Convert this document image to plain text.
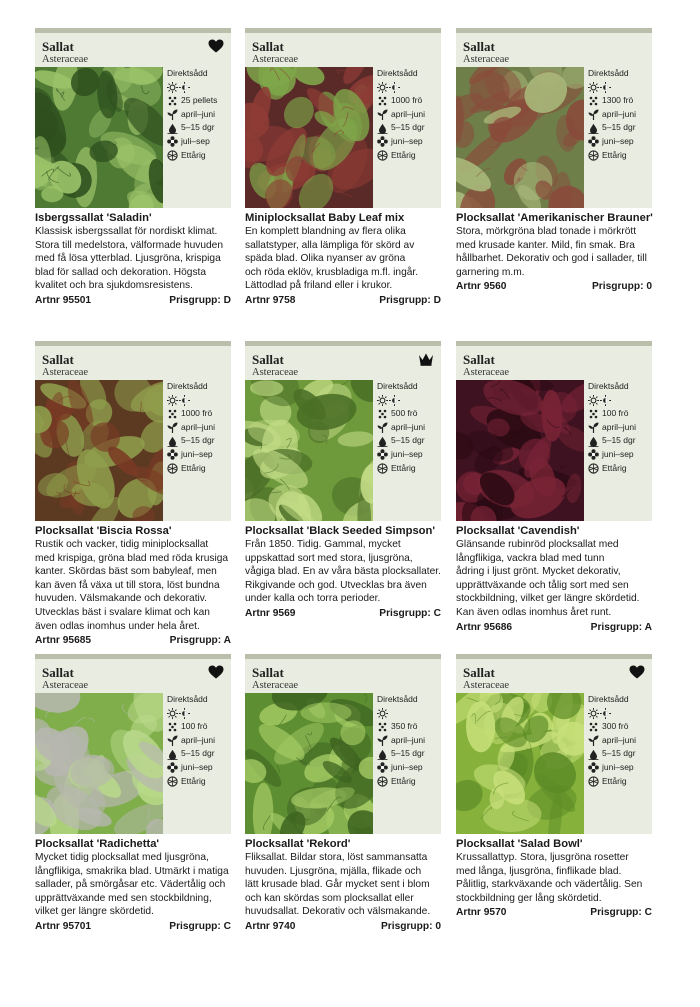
Sallat
Asteraceae
Direktsådd
25 pellets
april–juni
5–15 dgr
juli–sep
Ettårig
Isbergssallat 'Saladin'
Klassisk isbergssallat för nordiskt klimat.
Stora till medelstora, välformade huvuden
med få lösa ytterblad. Ljusgröna, krispiga
blad för sallad och dekoration. Högsta
kvalitet och bra sjukdomsresistens.
Artnr 95501	Prisgrupp: D
Sallat
Asteraceae
Direktsådd
1000 frö
april–juni
5–15 dgr
juni–sep
Ettårig
Miniplocksallat Baby Leaf mix
En komplett blandning av flera olika
sallatstyper, alla lämpliga för skörd av
späda blad. Olika nyanser av gröna
och röda eklöv, krusbladiga m.fl. ingår.
Lättodlad på friland eller i krukor.
Artnr 9758	Prisgrupp: D
Sallat
Asteraceae
Direktsådd
1300 frö
april–juni
5–15 dgr
juni–sep
Ettårig
Plocksallat 'Amerikanischer Brauner'
Stora, mörkgröna blad tonade i mörkrött
med krusade kanter. Mild, fin smak. Bra
hållbarhet. Dekorativ och god i sallader, till
garnering m.m.
Artnr 9560	Prisgrupp: 0
Sallat
Asteraceae
Direktsådd
1000 frö
april–juni
5–15 dgr
juni–sep
Ettårig
Plocksallat 'Biscia Rossa'
Rustik och vacker, tidig miniplocksallat
med krispiga, gröna blad med röda krusiga
kanter. Skördas bäst som babyleaf, men
kan även få växa ut till stora, löst bundna
huvuden. Välsmakande och dekorativ.
Utvecklas bäst i svalare klimat och kan
även odlas inomhus under hela året.
Artnr 95685	Prisgrupp: A
Sallat
Asteraceae
Direktsådd
500 frö
april–juni
5–15 dgr
juni–sep
Ettårig
Plocksallat 'Black Seeded Simpson'
Från 1850. Tidig. Gammal, mycket
uppskattad sort med stora, ljusgröna,
vågiga blad. En av våra bästa plocksallater.
Rikgivande och god. Utvecklas bra även
under kalla och torra perioder.
Artnr 9569	Prisgrupp: C
Sallat
Asteraceae
Direktsådd
100 frö
april–juni
5–15 dgr
juni–sep
Ettårig
Plocksallat 'Cavendish'
Glänsande rubinröd plocksallat med
långflikiga, vackra blad med tunn
ådring i ljust grönt. Mycket dekorativ,
upprättväxande och tålig sort med sen
stockbildning, vilket ger längre skördetid.
Kan även odlas inomhus året runt.
Artnr 95686	Prisgrupp: A
Sallat
Asteraceae
Direktsådd
100 frö
april–juni
5–15 dgr
juni–sep
Ettårig
Plocksallat 'Radichetta'
Mycket tidig plocksallat med ljusgröna,
långflikiga, smakrika blad. Utmärkt i matiga
sallader, på smörgåsar etc. Vädertålig och
upprättväxande med sen stockbildning,
vilket ger längre skördetid.
Artnr 95701	Prisgrupp: C
Sallat
Asteraceae
Direktsådd
350 frö
april–juni
5–15 dgr
juni–sep
Ettårig
Plocksallat 'Rekord'
Fliksallat. Bildar stora, löst sammansatta
huvuden. Ljusgröna, mjälla, flikade och
lätt krusade blad. Går mycket sent i blom
och kan skördas som plocksallat eller
huvudsallat. Dekorativ och välsmakande.
Artnr 9740	Prisgrupp: 0
Sallat
Asteraceae
Direktsådd
300 frö
april–juni
5–15 dgr
juni–sep
Ettårig
Plocksallat 'Salad Bowl'
Krussallattyp. Stora, ljusgröna rosetter
med långa, ljusgröna, finflikade blad.
Pålitlig, starkväxande och vädertålig. Sen
stockbildning ger lång skördetid.
Artnr 9570	Prisgrupp: C
